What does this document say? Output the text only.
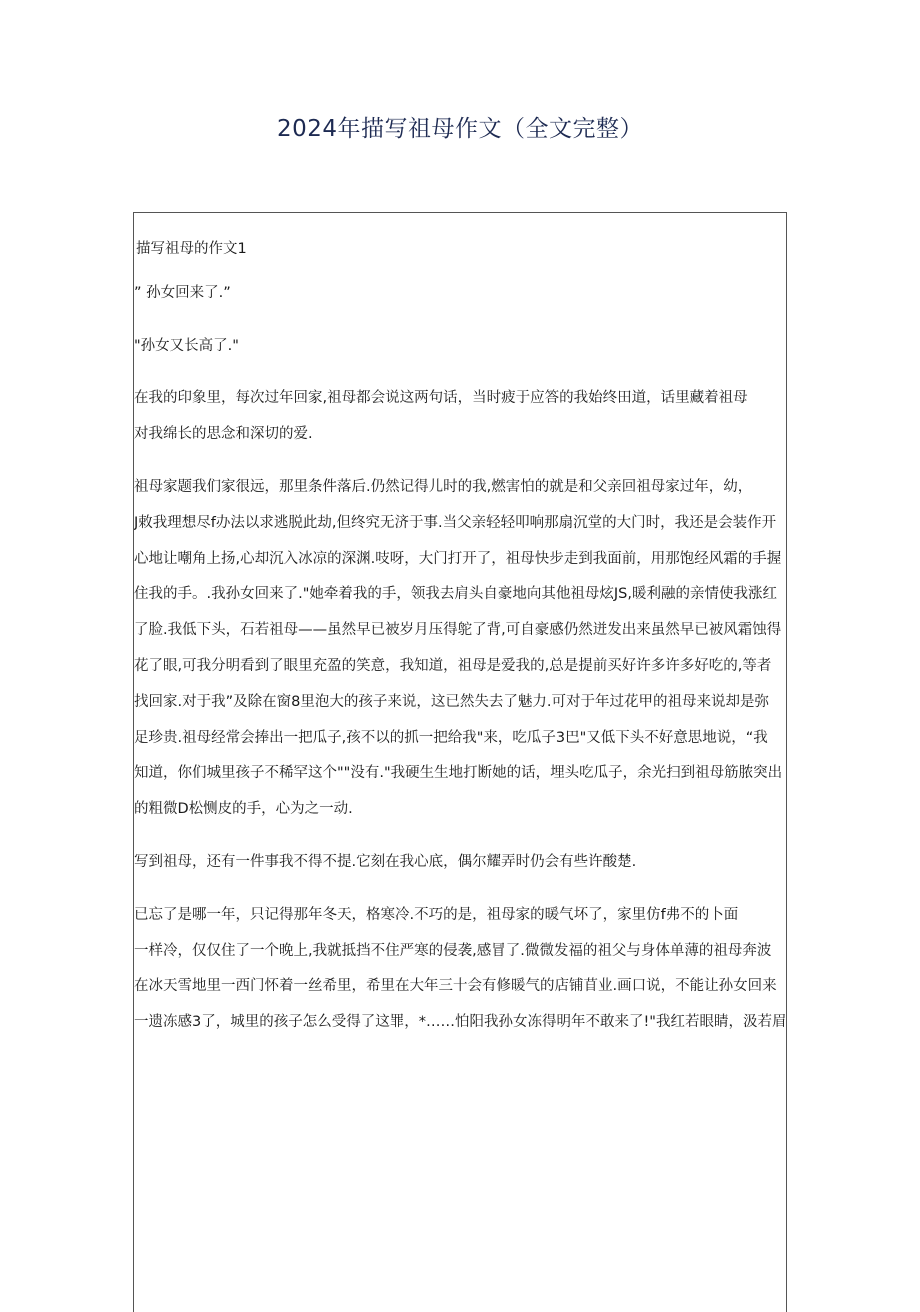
2024年描写祖母作文（全文完整）

描写祖母的作文1

” 孙女回来了.”

"孙女又长高了."

在我的印象里，每次过年回家,祖母都会说这两句话，当时疲于应答的我始终田道，话里藏着祖母

对我绵长的思念和深切的爱.

祖母家题我们家很远，那里条件落后.仍然记得儿时的我,燃害怕的就是和父亲回祖母家过年，幼，

J敕我理想尽f办法以求逃脱此劫,但终究无济于事.当父亲轻轻叩响那扇沉堂的大门时，我还是会装作开

心地让嘲角上扬,心却沉入冰凉的深渊.吱呀，大门打开了，祖母快步走到我面前，用那饱经风霜的手握

住我的手。.我孙女回来了."她牵着我的手，领我去肩头自豪地向其他祖母炫JS,暖利融的亲情使我涨红

了脸.我低下头，石若祖母——虽然早已被岁月压得鸵了背,可自豪感仍然迸发出来虽然早已被风霜蚀得

花了眼,可我分明看到了眼里充盈的笑意，我知道，祖母是爱我的,总是提前买好许多许多好吃的,等者

找回家.对于我”及除在窗8里泡大的孩子来说，这已然失去了魅力.可对于年过花甲的祖母来说却是弥

足珍贵.祖母经常会捧出一把瓜子,孩不以的抓一把给我"来，吃瓜子3巴"又低下头不好意思地说，“我

知道，你们城里孩子不稀罕这个""没有."我硬生生地打断她的话，埋头吃瓜子，余光扫到祖母筋脓突出

的粗微D松恻皮的手，心为之一动.

写到祖母，还有一件事我不得不提.它刻在我心底，偶尔耀弄时仍会有些许酸楚.

已忘了是哪一年，只记得那年冬天，格寒冷.不巧的是，祖母家的暖气坏了，家里仿f弗不的卜面

一样冷，仅仅住了一个晚上,我就抵挡不住严寒的侵袭,感冒了.微微发福的祖父与身体单薄的祖母奔波

在冰天雪地里一西门怀着一丝希里，希里在大年三十会有修暖气的店铺苜业.画口说，不能让孙女回来

一遗冻感3了，城里的孩子怎么受得了这罪，*……怕阳我孙女冻得明年不敢来了!"我红若眼睛，汲若眉
